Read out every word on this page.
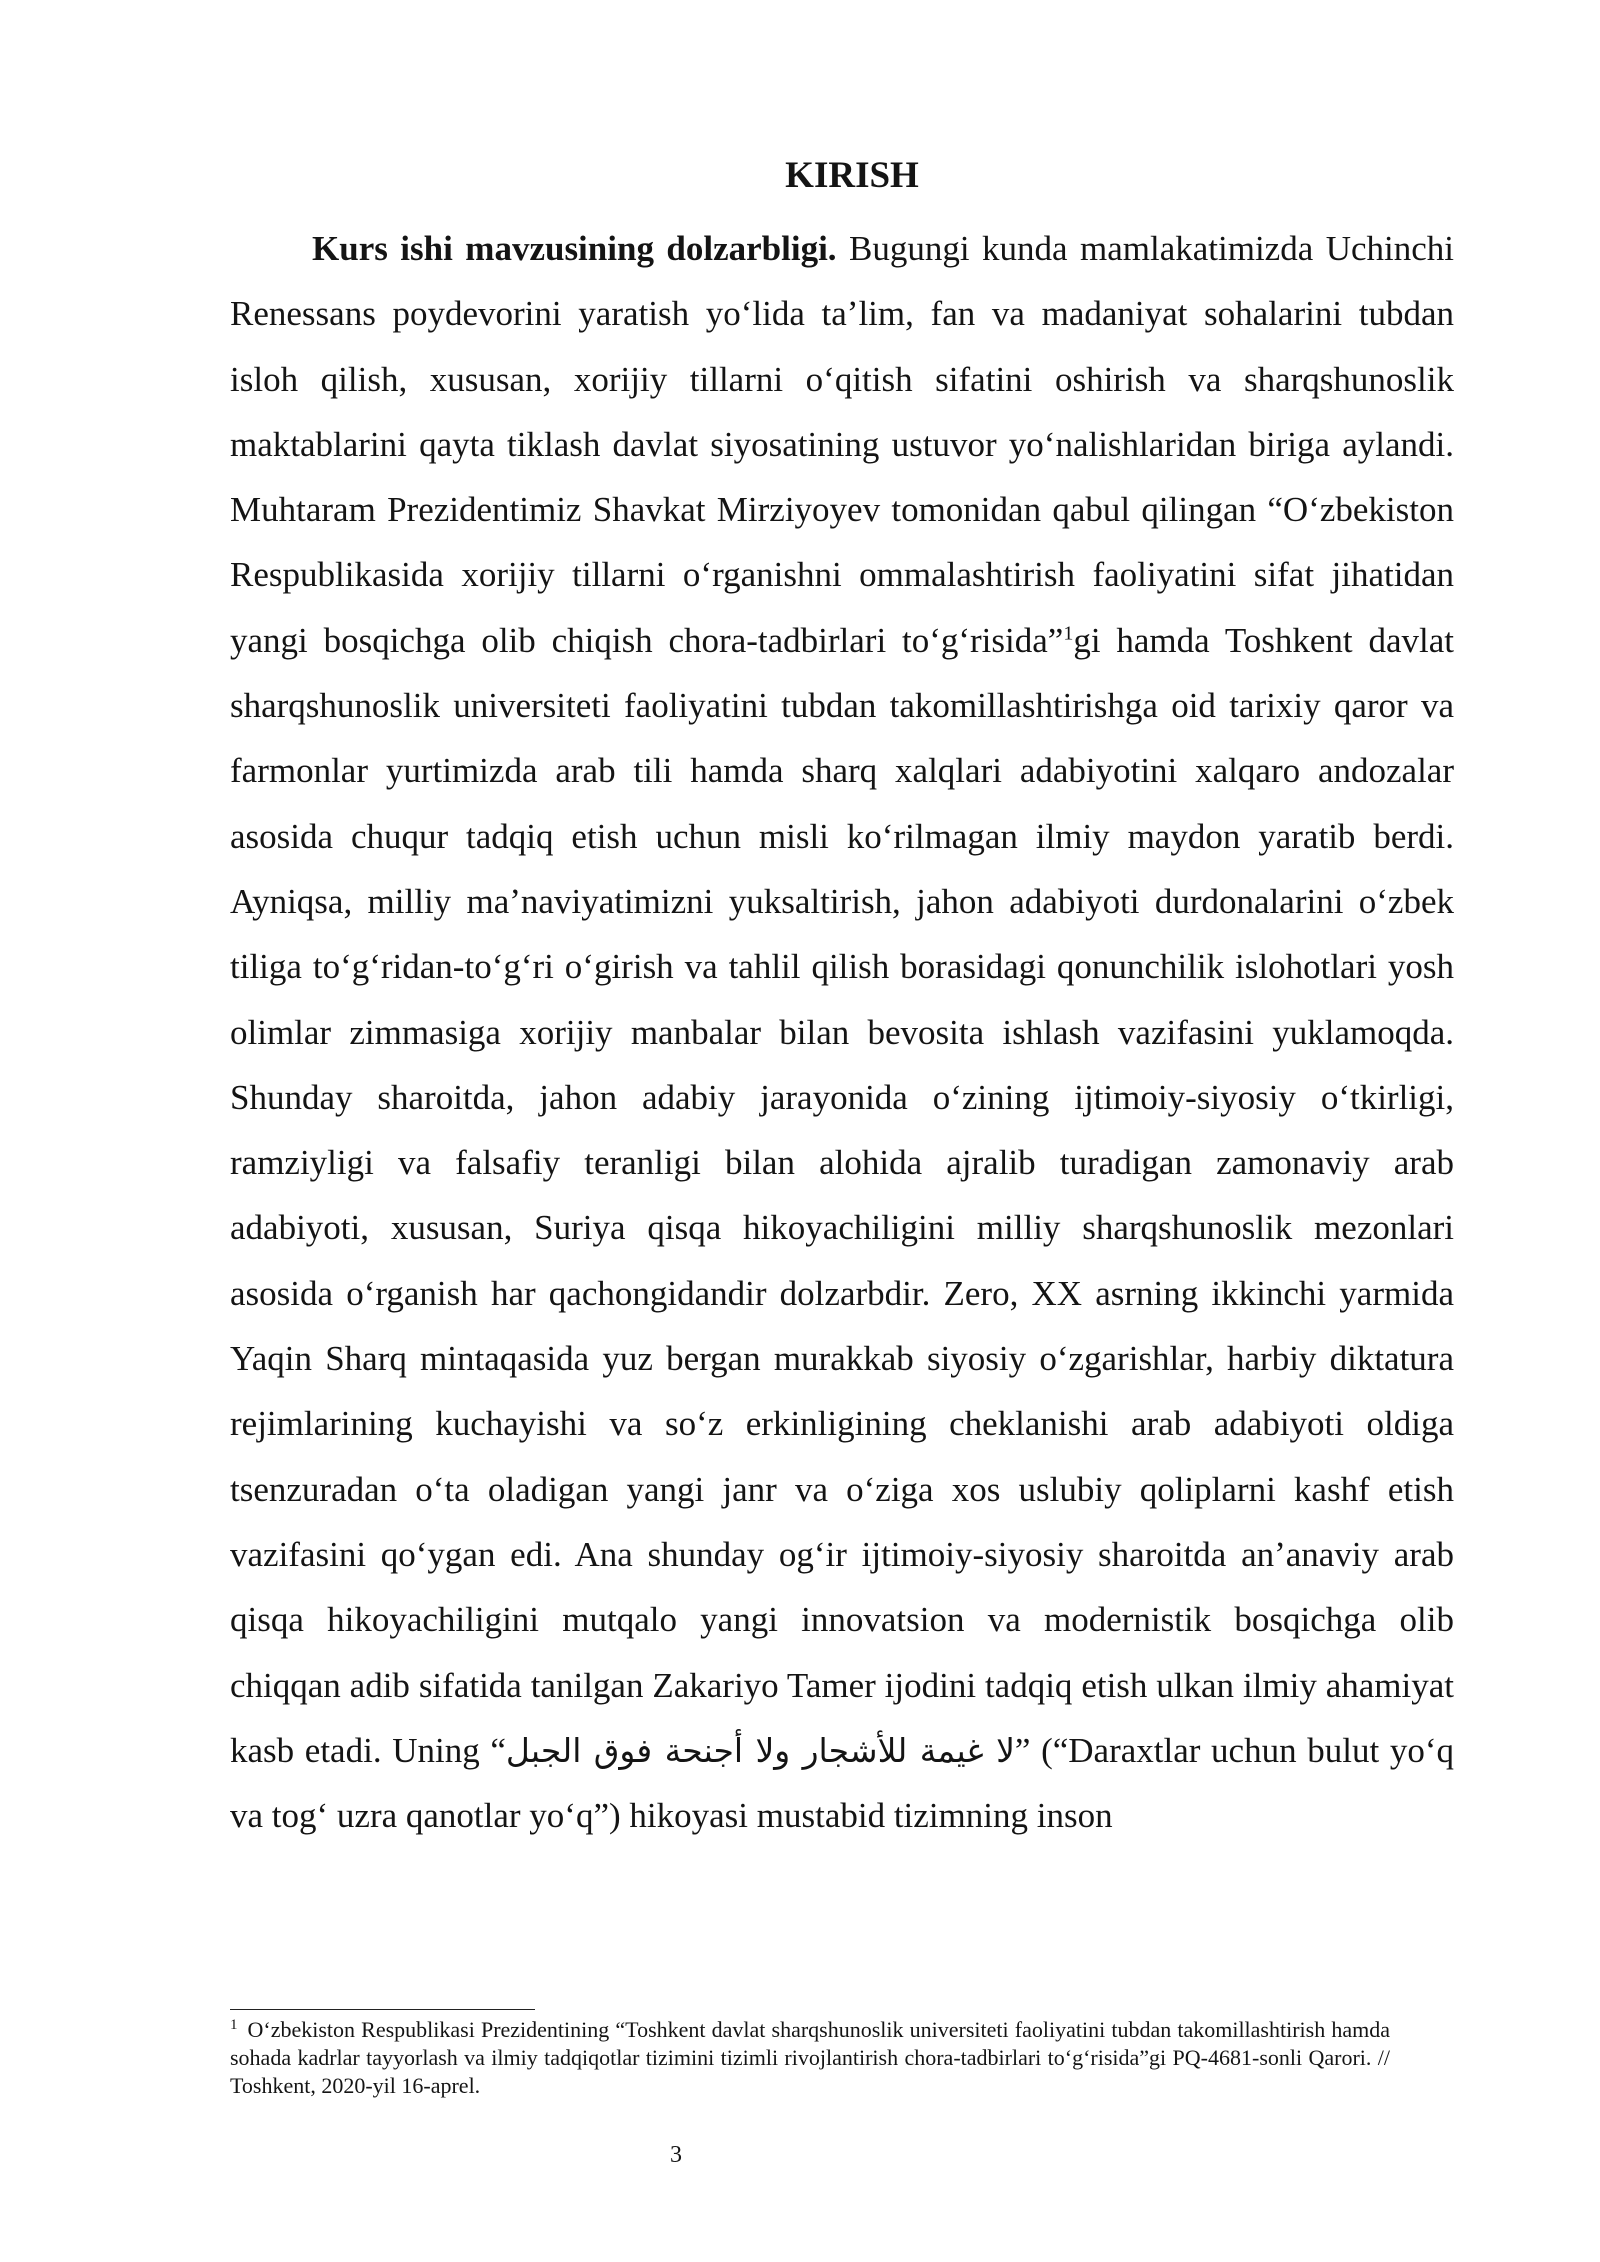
KIRISH

Kurs ishi mavzusining dolzarbligi. Bugungi kunda mamlakatimizda Uchinchi Renessans poydevorini yaratish yoʻlida taʼlim, fan va madaniyat sohalarini tubdan isloh qilish, xususan, xorijiy tillarni oʻqitish sifatini oshirish va sharqshunoslik maktablarini qayta tiklash davlat siyosatining ustuvor yoʻnalishlaridan biriga aylandi. Muhtaram Prezidentimiz Shavkat Mirziyoyev tomonidan qabul qilingan “Oʻzbekiston Respublikasida xorijiy tillarni oʻrganishni ommalashtirish faoliyatini sifat jihatidan yangi bosqichga olib chiqish chora-tadbirlari toʻgʻrisida”$^1$gi hamda Toshkent davlat sharqshunoslik universiteti faoliyatini tubdan takomillashtirishga oid tarixiy qaror va farmonlar yurtimizda arab tili hamda sharq xalqlari adabiyotini xalqaro andozalar asosida chuqur tadqiq etish uchun misli koʻrilmagan ilmiy maydon yaratib berdi. Ayniqsa, milliy maʼnaviyatimizni yuksaltirish, jahon adabiyoti durdonalarini oʻzbek tiliga toʻgʻridan-toʻgʻri oʻgirish va tahlil qilish borasidagi qonunchilik islohotlari yosh olimlar zimmasiga xorijiy manbalar bilan bevosita ishlash vazifasini yuklamoqda. Shunday sharoitda, jahon adabiy jarayonida oʻzining ijtimoiy-siyosiy oʻtkirligi, ramziyligi va falsafiy teranligi bilan alohida ajralib turadigan zamonaviy arab adabiyoti, xususan, Suriya qisqa hikoyachiligini milliy sharqshunoslik mezonlari asosida oʻrganish har qachongidandir dolzarbdir. Zero, XX asrning ikkinchi yarmida Yaqin Sharq mintaqasida yuz bergan murakkab siyosiy oʻzgarishlar, harbiy diktatura rejimlarining kuchayishi va soʻz erkinligining cheklanishi arab adabiyoti oldiga tsenzuradan oʻta oladigan yangi janr va oʻziga xos uslubiy qoliplarni kashf etish vazifasini qoʻygan edi. Ana shunday ogʻir ijtimoiy-siyosiy sharoitda anʼanaviy arab qisqa hikoyachiligini mutqalo yangi innovatsion va modernistik bosqichga olib chiqqan adib sifatida tanilgan Zakariyo Tamer ijodini tadqiq etish ulkan ilmiy ahamiyat kasb etadi. Uning “لا غيمة للأشجار ولا أجنحة فوق الجبل” (“Daraxtlar uchun bulut yoʻq va togʻ uzra qanotlar yoʻq”) hikoyasi mustabid tizimning inson

$^1$ Oʻzbekiston Respublikasi Prezidentining “Toshkent davlat sharqshunoslik universiteti faoliyatini tubdan takomillashtirish hamda sohada kadrlar tayyorlash va ilmiy tadqiqotlar tizimini tizimli rivojlantirish chora-tadbirlari toʻgʻrisida”gi PQ-4681-sonli Qarori. // Toshkent, 2020-yil 16-aprel.

3
